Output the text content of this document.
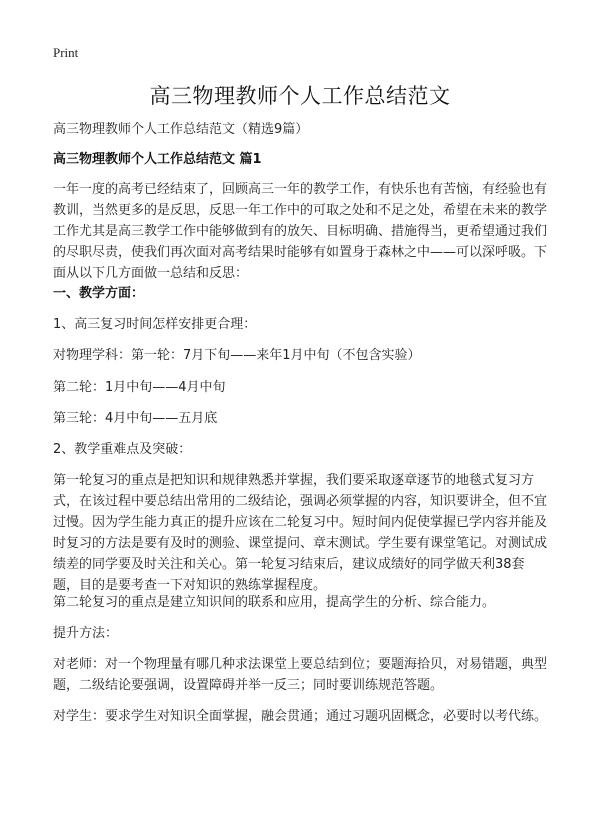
Print
高三物理教师个人工作总结范文
高三物理教师个人工作总结范文（精选9篇）
高三物理教师个人工作总结范文 篇1
一年一度的高考已经结束了，回顾高三一年的教学工作，有快乐也有苦恼，有经验也有教训，当然更多的是反思，反思一年工作中的可取之处和不足之处，希望在未来的教学工作尤其是高三教学工作中能够做到有的放矢、目标明确、措施得当，更希望通过我们的尽职尽责，使我们再次面对高考结果时能够有如置身于森林之中——可以深呼吸。下面从以下几方面做一总结和反思：
一、教学方面：
1、高三复习时间怎样安排更合理：
对物理学科：第一轮：7月下旬——来年1月中旬（不包含实验）
第二轮：1月中旬——4月中旬
第三轮：4月中旬——五月底
2、教学重难点及突破：
第一轮复习的重点是把知识和规律熟悉并掌握，我们要采取逐章逐节的地毯式复习方式，在该过程中要总结出常用的二级结论，强调必须掌握的内容，知识要讲全，但不宜过慢。因为学生能力真正的提升应该在二轮复习中。短时间内促使掌握已学内容并能及时复习的方法是要有及时的测验、课堂提问、章末测试。学生要有课堂笔记。对测试成绩差的同学要及时关注和关心。第一轮复习结束后，建议成绩好的同学做天利38套题，目的是要考查一下对知识的熟练掌握程度。
第二轮复习的重点是建立知识间的联系和应用，提高学生的分析、综合能力。
提升方法：
对老师：对一个物理量有哪几种求法课堂上要总结到位；要题海拾贝，对易错题，典型题，二级结论要强调，设置障碍并举一反三；同时要训练规范答题。
对学生：要求学生对知识全面掌握，融会贯通；通过习题巩固概念，必要时以考代练。
